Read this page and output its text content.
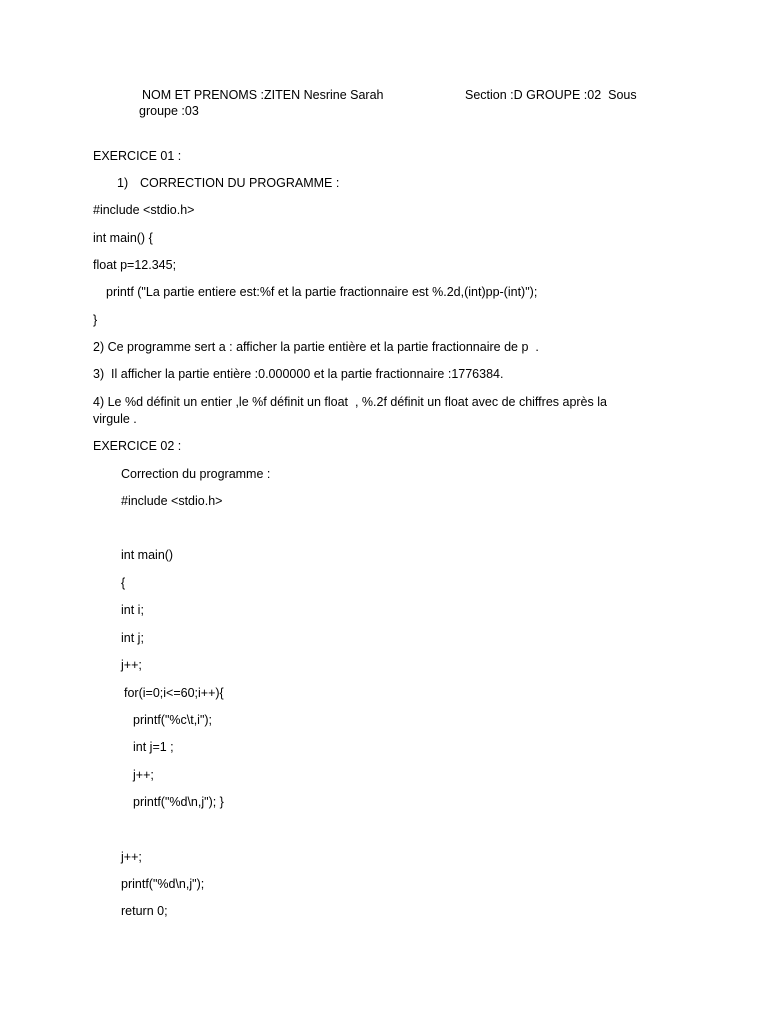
NOM ET PRENOMS :ZITEN Nesrine Sarah	Section :D GROUPE :02  Sous
groupe :03
EXERCICE 01 :
1) CORRECTION DU PROGRAMME :
#include <stdio.h>
int main() {
float p=12.345;
printf ("La partie entiere est:%f et la partie fractionnaire est %.2d,(int)pp-(int)");
}
2) Ce programme sert a : afficher la partie entière et la partie fractionnaire de p  .
3)  Il afficher la partie entière :0.000000 et la partie fractionnaire :1776384.
4) Le %d définit un entier ,le %f définit un float  , %.2f définit un float avec de chiffres après la
virgule .
EXERCICE 02 :
Correction du programme :
#include <stdio.h>
int main()
{
int i;
int j;
j++;
for(i=0;i<=60;i++){
printf("%c\t,i");
int j=1 ;
j++;
printf("%d\n,j"); }
j++;
printf("%d\n,j");
return 0;
